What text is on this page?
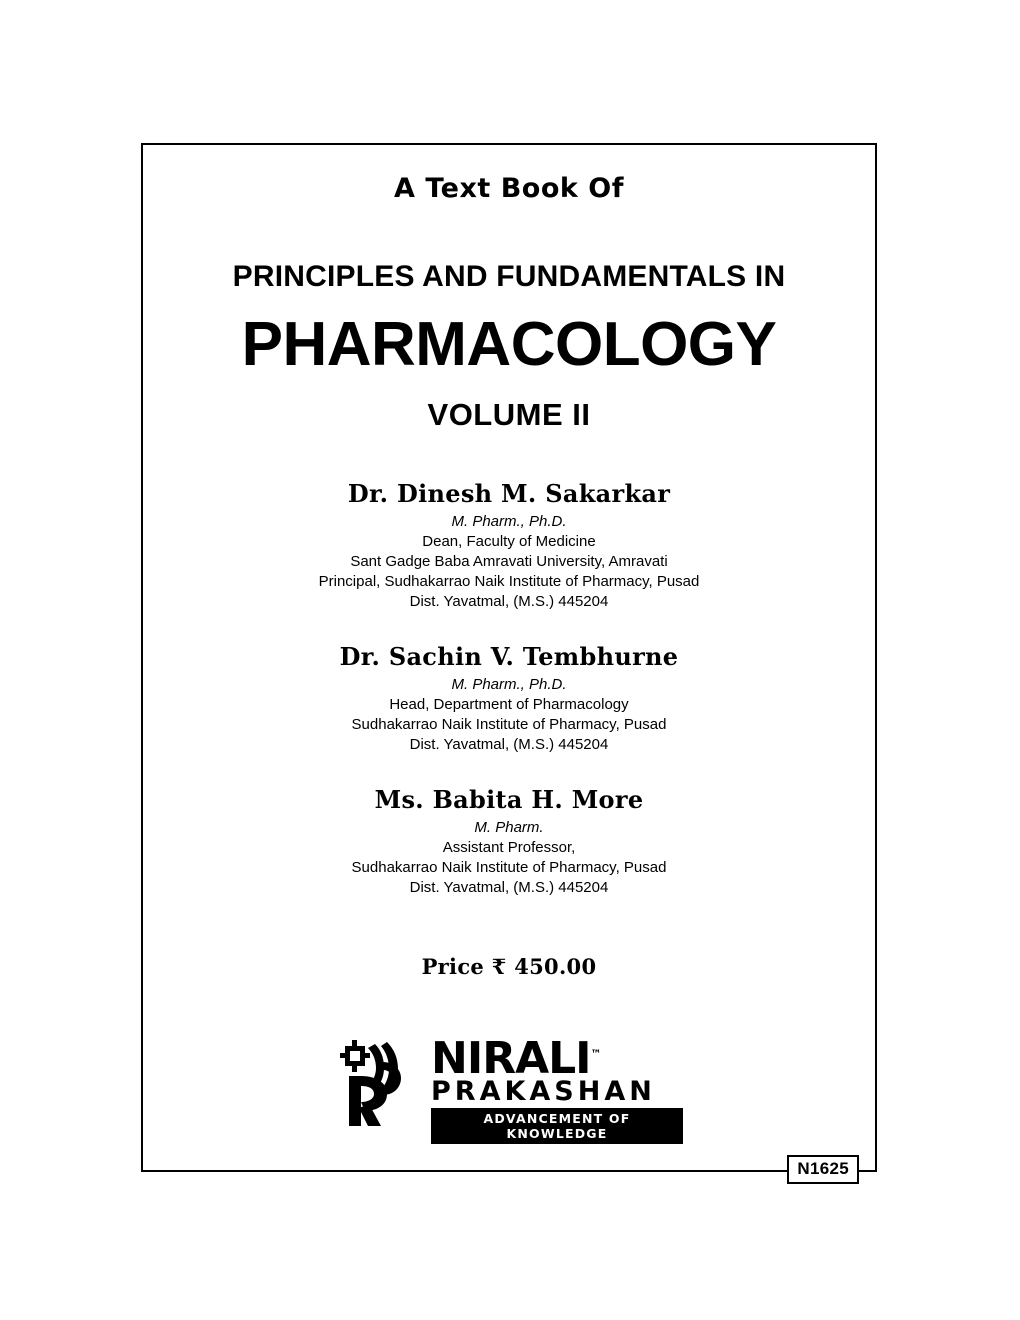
A Text Book Of
PRINCIPLES AND FUNDAMENTALS IN
PHARMACOLOGY
VOLUME II
Dr. Dinesh M. Sakarkar
M. Pharm., Ph.D.
Dean, Faculty of Medicine
Sant Gadge Baba Amravati University, Amravati
Principal, Sudhakarrao Naik Institute of Pharmacy, Pusad
Dist. Yavatmal, (M.S.) 445204
Dr. Sachin V. Tembhurne
M. Pharm., Ph.D.
Head, Department of Pharmacology
Sudhakarrao Naik Institute of Pharmacy, Pusad
Dist. Yavatmal, (M.S.) 445204
Ms. Babita H. More
M. Pharm.
Assistant Professor,
Sudhakarrao Naik Institute of Pharmacy, Pusad
Dist. Yavatmal, (M.S.) 445204
Price ₹ 450.00
NIRALI™
PRAKASHAN
ADVANCEMENT OF KNOWLEDGE
N1625
